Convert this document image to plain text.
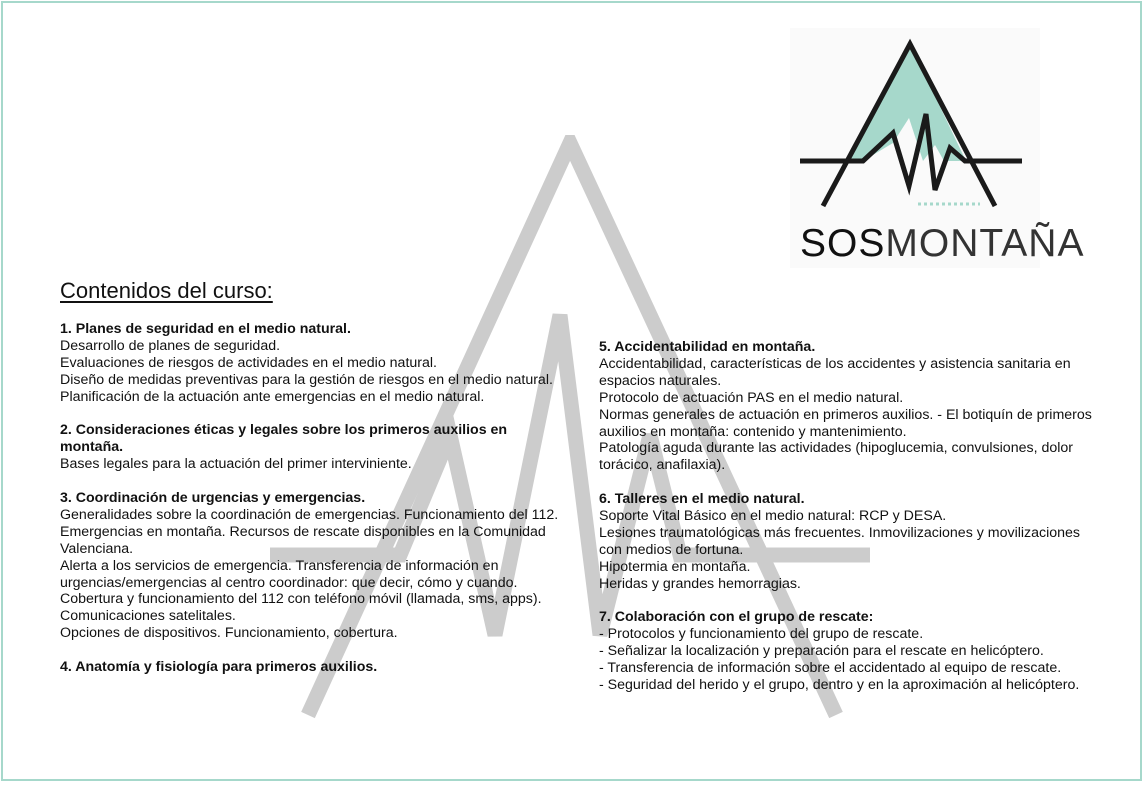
SOSMONTAÑA
Contenidos del curso:
1. Planes de seguridad en el medio natural.
Desarrollo de planes de seguridad.
Evaluaciones de riesgos de actividades en el medio natural.
Diseño de medidas preventivas para la gestión de riesgos en el medio natural.
Planificación de la actuación ante emergencias en el medio natural.
2. Consideraciones éticas y legales sobre los primeros auxilios en montaña.
Bases legales para la actuación del primer interviniente.
3. Coordinación de urgencias y emergencias.
Generalidades sobre la coordinación de emergencias. Funcionamiento del 112. Emergencias en montaña. Recursos de rescate disponibles en la Comunidad Valenciana.
Alerta a los servicios de emergencia. Transferencia de información en urgencias/emergencias al centro coordinador: que decir, cómo y cuando.
Cobertura y funcionamiento del 112 con teléfono móvil (llamada, sms, apps).
Comunicaciones satelitales.
Opciones de dispositivos. Funcionamiento, cobertura.
4. Anatomía y fisiología para primeros auxilios.
5. Accidentabilidad en montaña.
Accidentabilidad, características de los accidentes y asistencia sanitaria en espacios naturales.
Protocolo de actuación PAS en el medio natural.
Normas generales de actuación en primeros auxilios. - El botiquín de primeros auxilios en montaña: contenido y mantenimiento.
Patología aguda durante las actividades (hipoglucemia, convulsiones, dolor torácico, anafilaxia).
6. Talleres en el medio natural.
Soporte Vital Básico en el medio natural: RCP y DESA.
Lesiones traumatológicas más frecuentes. Inmovilizaciones y movilizaciones con medios de fortuna.
Hipotermia en montaña.
Heridas y grandes hemorragias.
7. Colaboración con el grupo de rescate:
- Protocolos y funcionamiento del grupo de rescate.
- Señalizar la localización y preparación para el rescate en helicóptero.
- Transferencia de información sobre el accidentado al equipo de rescate.
- Seguridad del herido y el grupo, dentro y en la aproximación al helicóptero.
